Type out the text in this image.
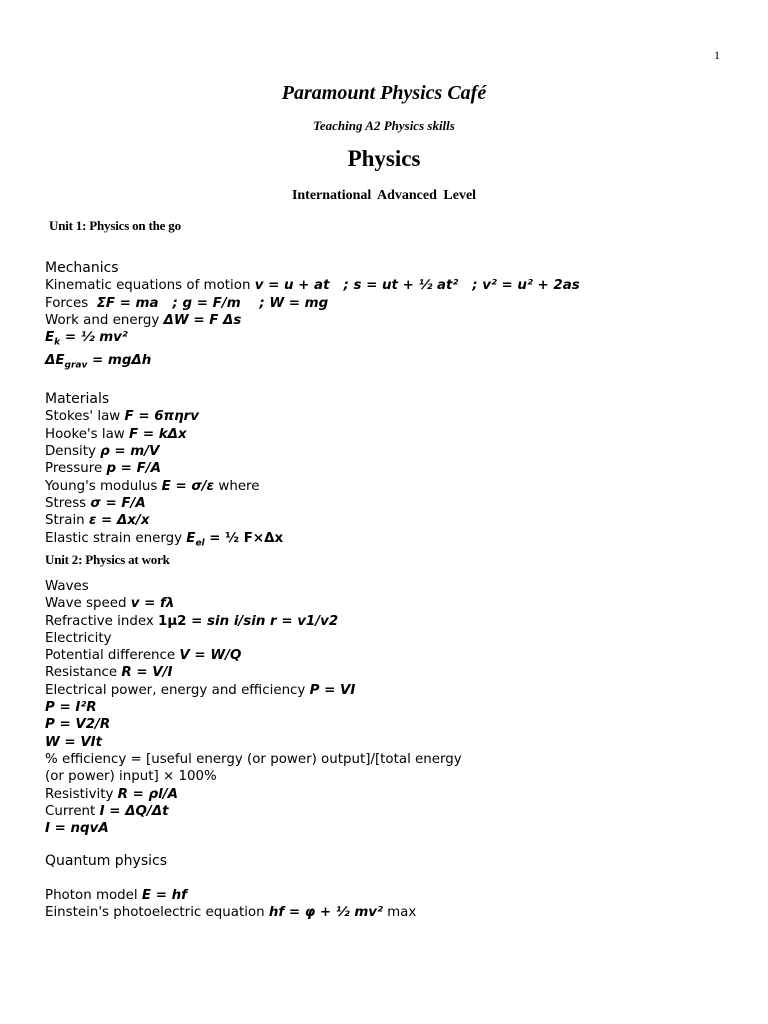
1
Paramount Physics Café
Teaching A2 Physics skills
Physics
International Advanced Level
Unit 1: Physics on the go
Mechanics
Kinematic equations of motion v = u + at   ; s = ut + ½ at²   ; v² = u² + 2as
Forces  ΣF = ma   ; g = F/m    ; W = mg
Work and energy ΔW = F Δs
$E_k$ = ½ mv²
$\Delta E_{grav} = mg\Delta h$
Materials
Stokes' law F = 6πηrv
Hooke's law F = kΔx
Density ρ = m/V
Pressure p = F/A
Young's modulus E = σ/ε where
Stress σ = F/A
Strain ε = Δx/x
Elastic strain energy $E_{el}$ = ½ F×Δx
Unit 2: Physics at work
Waves
Wave speed v = fλ
Refractive index 1μ2 = sin i/sin r = v1/v2
Electricity
Potential difference V = W/Q
Resistance R = V/I
Electrical power, energy and efficiency P = VI
P = I²R
P = V2/R
W = VIt
% efficiency = [useful energy (or power) output]/[total energy
(or power) input] × 100%
Resistivity R = ρl/A
Current I = ΔQ/Δt
I = nqvA
Quantum physics
Photon model E = hf
Einstein's photoelectric equation hf = φ + ½ mv² max
